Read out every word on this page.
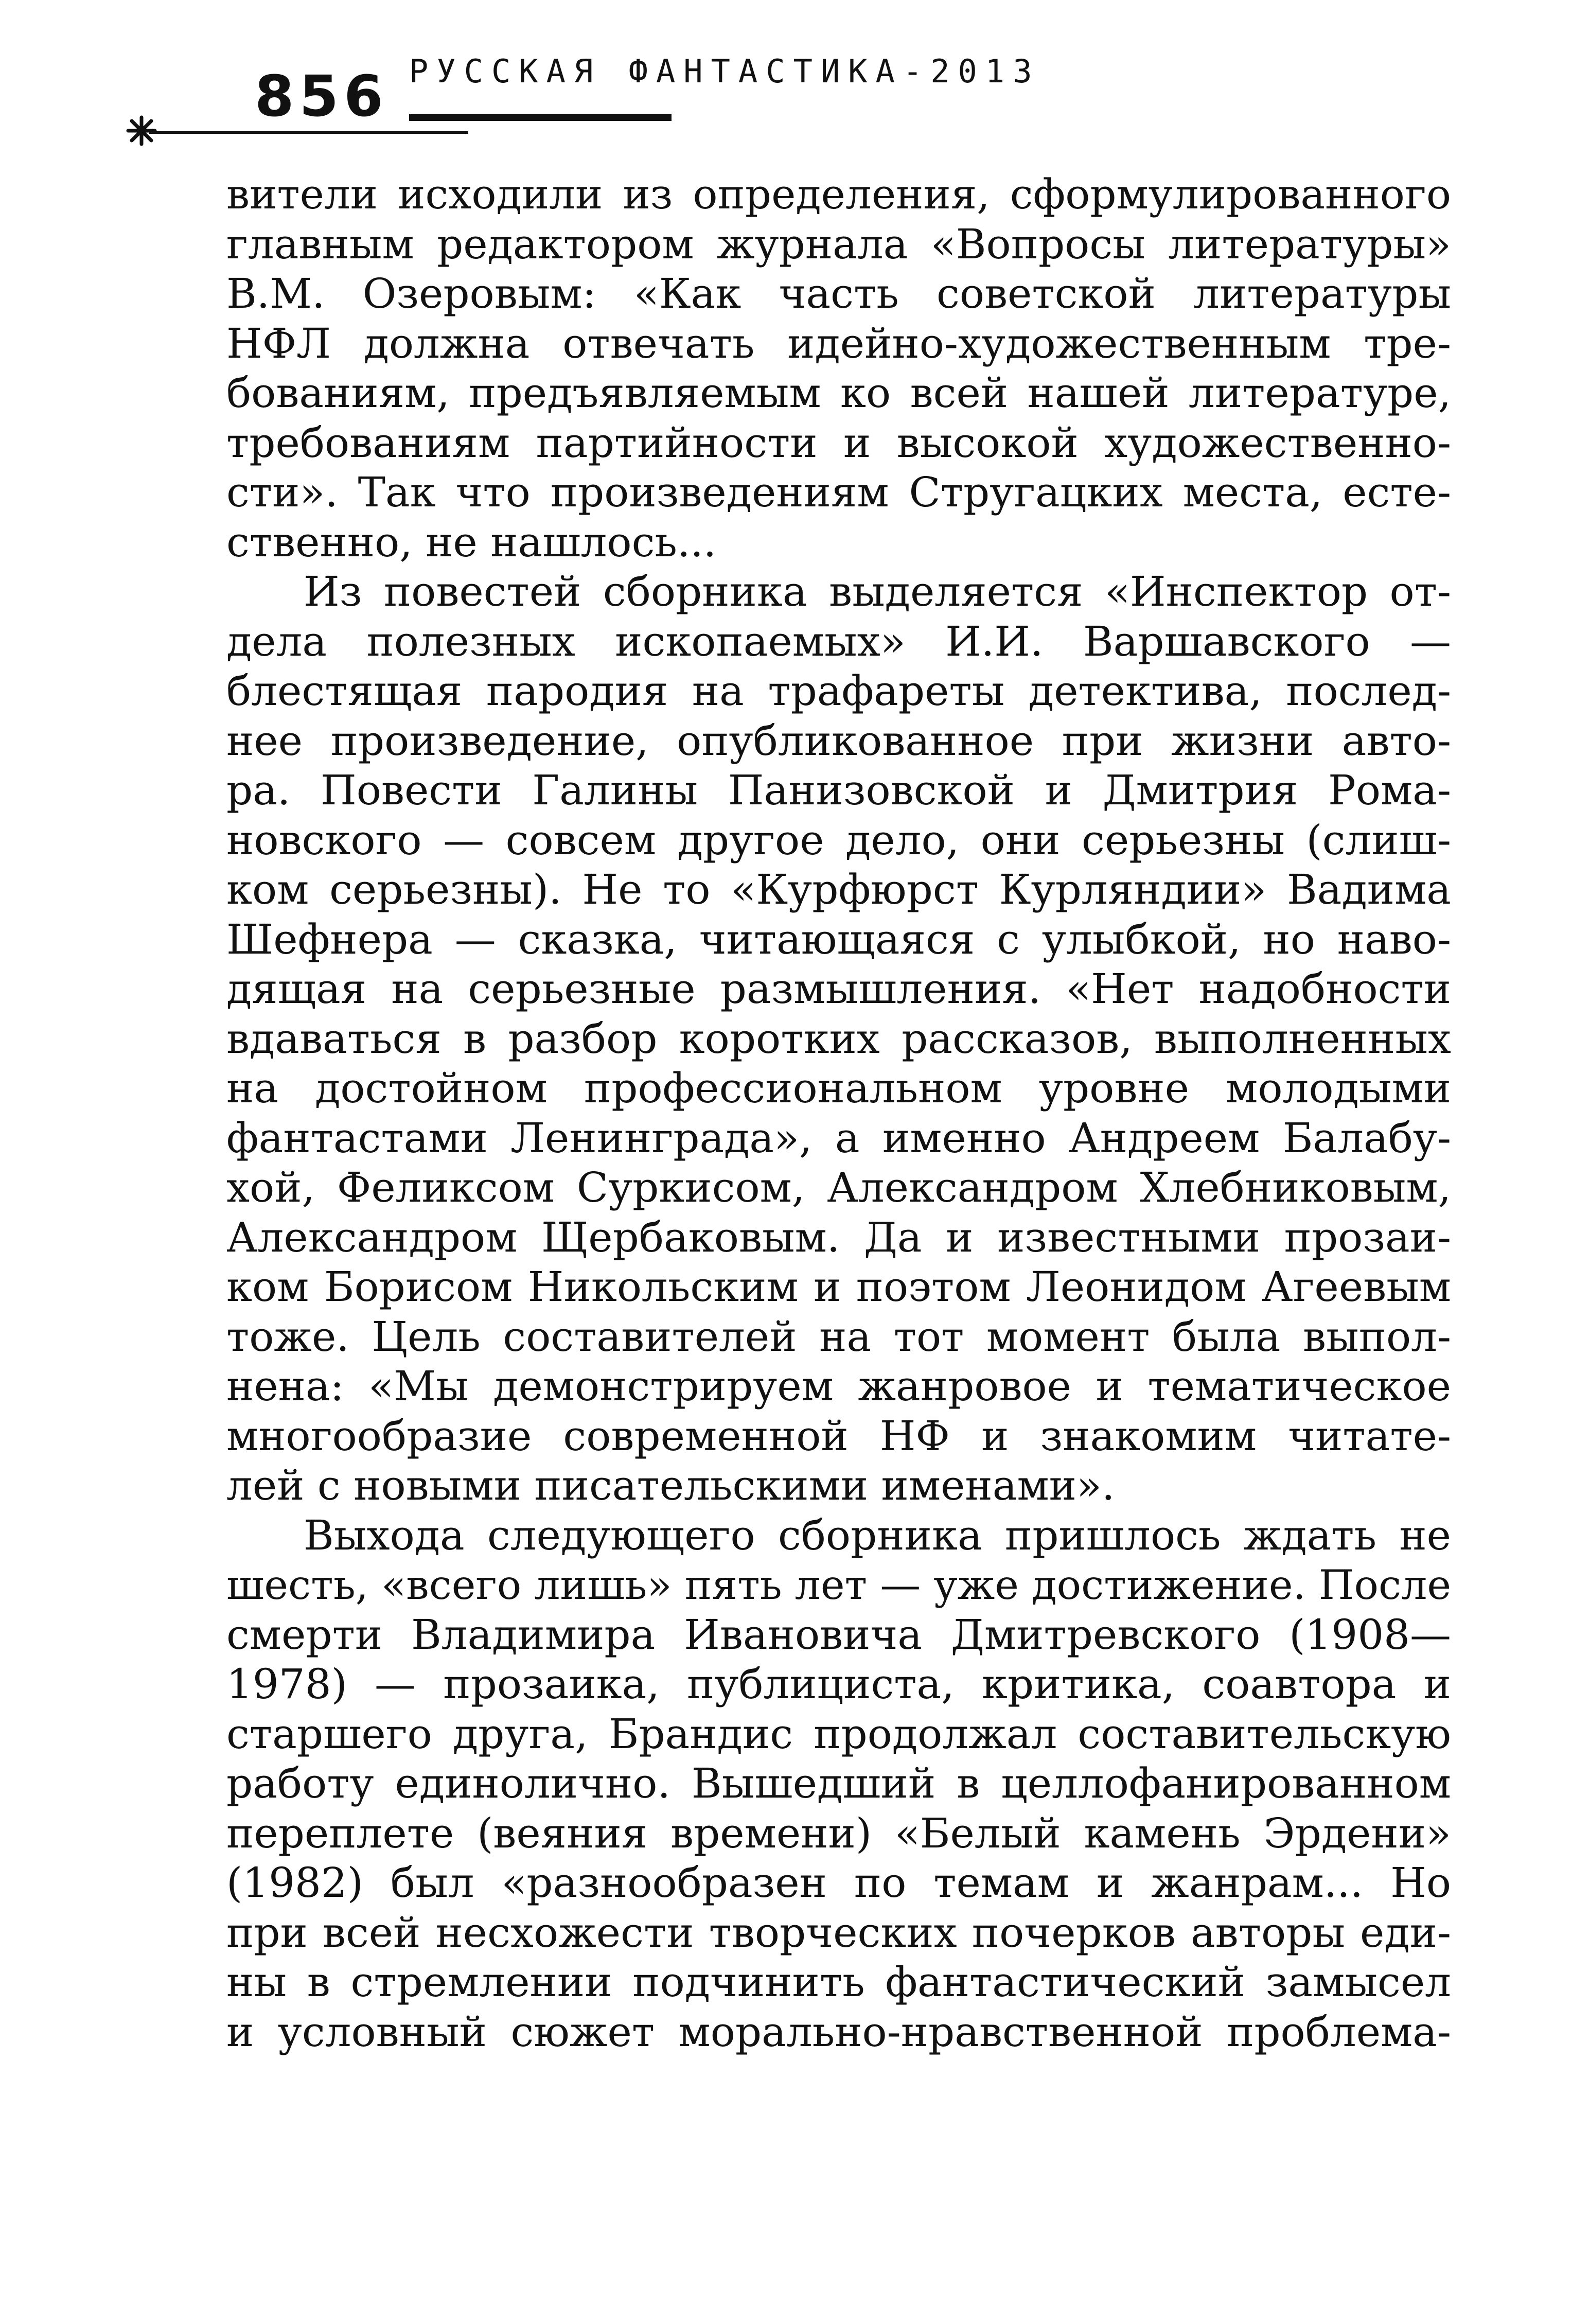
856 РУССКАЯ ФАНТАСТИКА-2013

вители исходили из определения, сформулированного
главным редактором журнала «Вопросы литературы»
В.М. Озеровым: «Как часть советской литературы
НФЛ должна отвечать идейно-художественным тре-
бованиям, предъявляемым ко всей нашей литературе,
требованиям партийности и высокой художественно-
сти». Так что произведениям Стругацких места, есте-
ственно, не нашлось...

Из повестей сборника выделяется «Инспектор от-
дела полезных ископаемых» И.И. Варшавского —
блестящая пародия на трафареты детектива, послед-
нее произведение, опубликованное при жизни авто-
ра. Повести Галины Панизовской и Дмитрия Рома-
новского — совсем другое дело, они серьезны (слиш-
ком серьезны). Не то «Курфюрст Курляндии» Вадима
Шефнера — сказка, читающаяся с улыбкой, но наво-
дящая на серьезные размышления. «Нет надобности
вдаваться в разбор коротких рассказов, выполненных
на достойном профессиональном уровне молодыми
фантастами Ленинграда», а именно Андреем Балабу-
хой, Феликсом Суркисом, Александром Хлебниковым,
Александром Щербаковым. Да и известными прозаи-
ком Борисом Никольским и поэтом Леонидом Агеевым
тоже. Цель составителей на тот момент была выпол-
нена: «Мы демонстрируем жанровое и тематическое
многообразие современной НФ и знакомим читате-
лей с новыми писательскими именами».

Выхода следующего сборника пришлось ждать не
шесть, «всего лишь» пять лет — уже достижение. После
смерти Владимира Ивановича Дмитревского (1908—
1978) — прозаика, публициста, критика, соавтора и
старшего друга, Брандис продолжал составительскую
работу единолично. Вышедший в целлофанированном
переплете (веяния времени) «Белый камень Эрдени»
(1982) был «разнообразен по темам и жанрам... Но
при всей несхожести творческих почерков авторы еди-
ны в стремлении подчинить фантастический замысел
и условный сюжет морально-нравственной проблема-
